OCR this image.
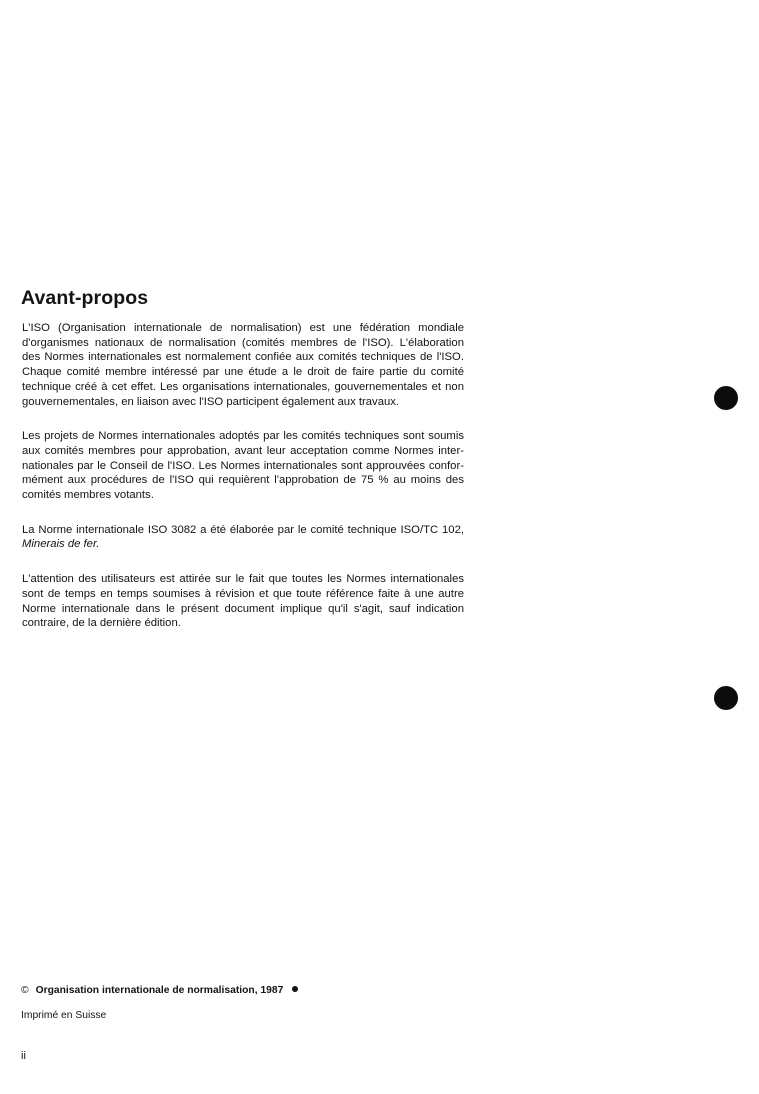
Avant-propos

L'ISO (Organisation internationale de normalisation) est une fédération mondiale
d'organismes nationaux de normalisation (comités membres de l'ISO). L'élaboration
des Normes internationales est normalement confiée aux comités techniques de l'ISO.
Chaque comité membre intéressé par une étude a le droit de faire partie du comité
technique créé à cet effet. Les organisations internationales, gouvernementales et non
gouvernementales, en liaison avec l'ISO participent également aux travaux.

Les projets de Normes internationales adoptés par les comités techniques sont soumis
aux comités membres pour approbation, avant leur acceptation comme Normes inter-
nationales par le Conseil de l'ISO. Les Normes internationales sont approuvées confor-
mément aux procédures de l'ISO qui requièrent l'approbation de 75 % au moins des
comités membres votants.

La Norme internationale ISO 3082 a été élaborée par le comité technique ISO/TC 102,
Minerais de fer.

L'attention des utilisateurs est attirée sur le fait que toutes les Normes internationales
sont de temps en temps soumises à révision et que toute référence faite à une autre
Norme internationale dans le présent document implique qu'il s'agit, sauf indication
contraire, de la dernière édition.

© Organisation internationale de normalisation, 1987
Imprimé en Suisse
ii
